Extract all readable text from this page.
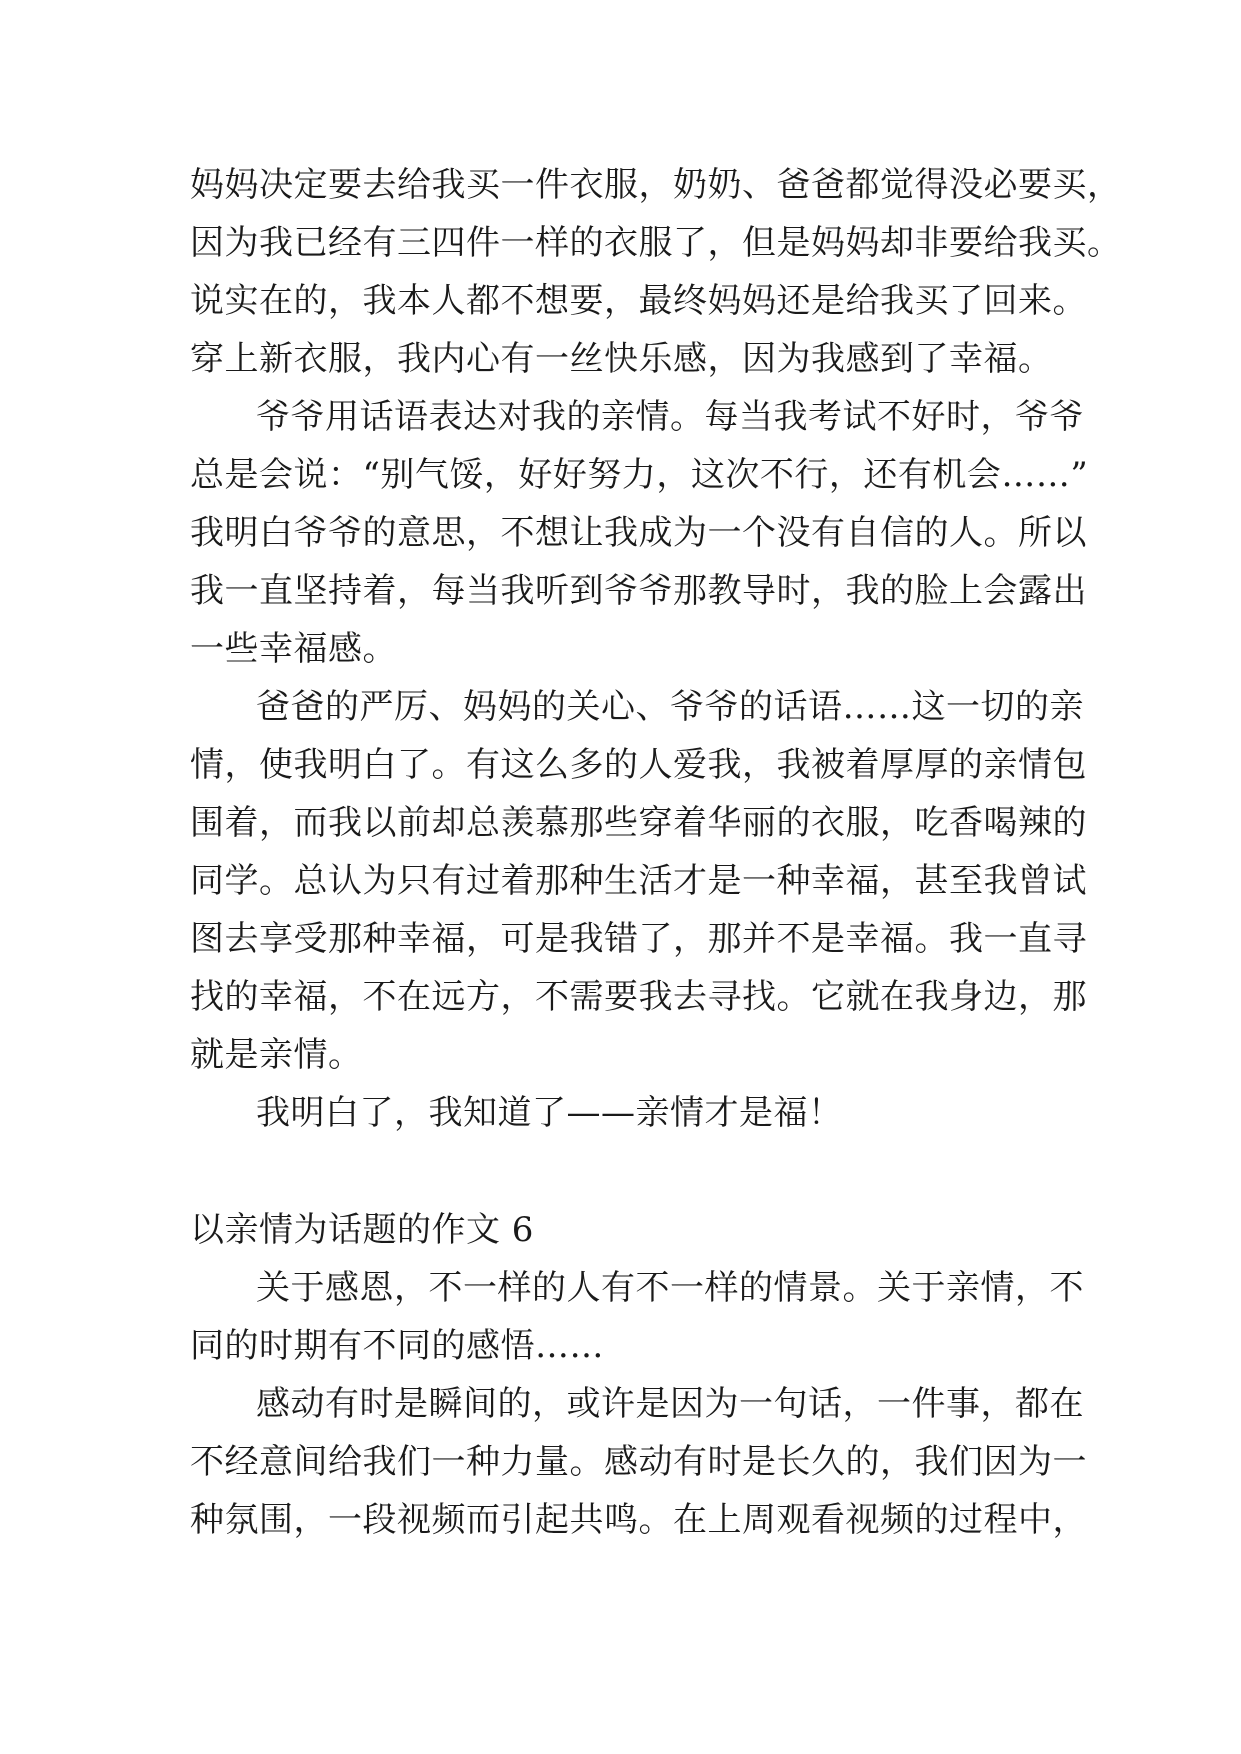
妈妈决定要去给我买一件衣服，奶奶、爸爸都觉得没必要买，
因为我已经有三四件一样的衣服了，但是妈妈却非要给我买。
说实在的，我本人都不想要，最终妈妈还是给我买了回来。
穿上新衣服，我内心有一丝快乐感，因为我感到了幸福。
爷爷用话语表达对我的亲情。每当我考试不好时，爷爷
总是会说：“别气馁，好好努力，这次不行，还有机会……”
我明白爷爷的意思，不想让我成为一个没有自信的人。所以
我一直坚持着，每当我听到爷爷那教导时，我的脸上会露出
一些幸福感。
爸爸的严厉、妈妈的关心、爷爷的话语……这一切的亲
情，使我明白了。有这么多的人爱我，我被着厚厚的亲情包
围着，而我以前却总羡慕那些穿着华丽的衣服，吃香喝辣的
同学。总认为只有过着那种生活才是一种幸福，甚至我曾试
图去享受那种幸福，可是我错了，那并不是幸福。我一直寻
找的幸福，不在远方，不需要我去寻找。它就在我身边，那
就是亲情。
我明白了，我知道了——亲情才是福！
以亲情为话题的作文 6
关于感恩，不一样的人有不一样的情景。关于亲情，不
同的时期有不同的感悟……
感动有时是瞬间的，或许是因为一句话，一件事，都在
不经意间给我们一种力量。感动有时是长久的，我们因为一
种氛围，一段视频而引起共鸣。在上周观看视频的过程中，
